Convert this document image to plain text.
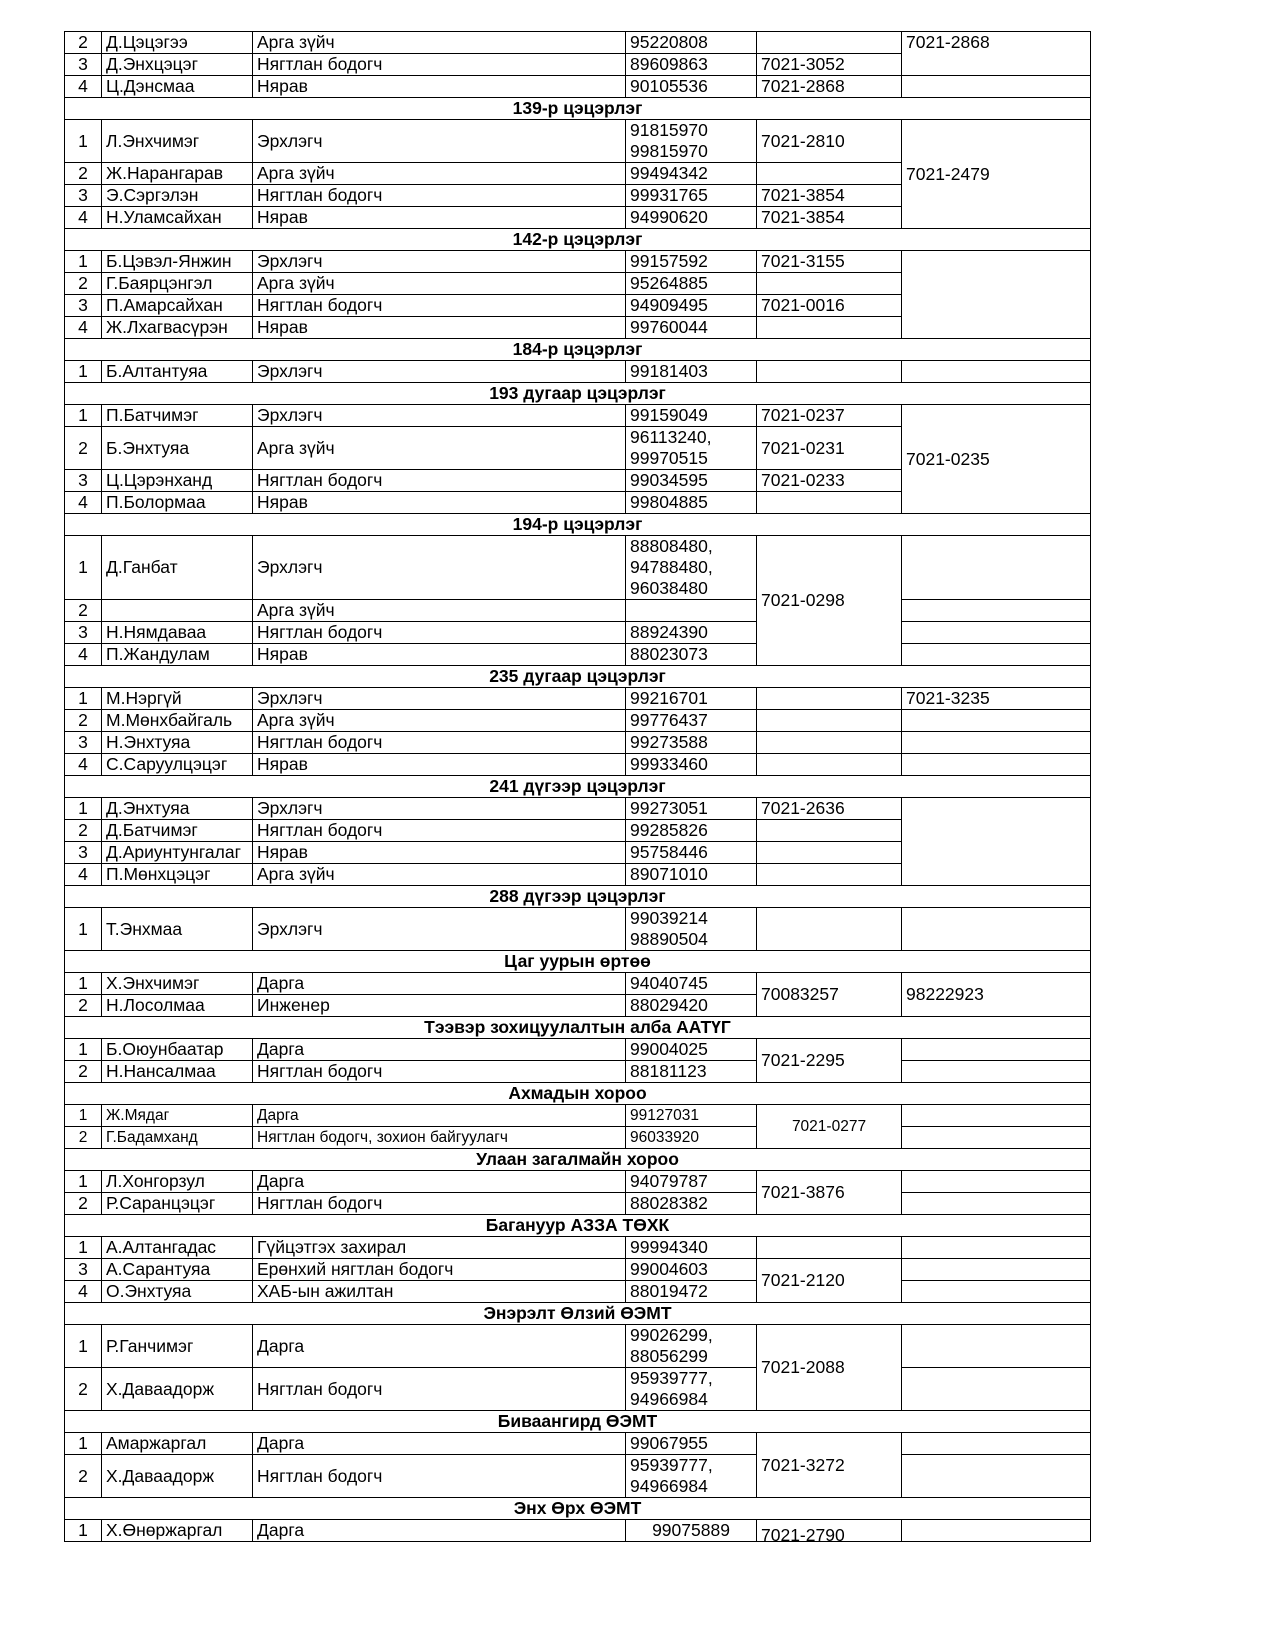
2	Д.Цэцэгээ	Арга зүйч	95220808		7021-2868
3	Д.Энхцэцэг	Нягтлан бодогч	89609863	7021-3052	
4	Ц.Дэнсмаа	Нярав	90105536	7021-2868	
139-р цэцэрлэг					
1	Л.Энхчимэг	Эрхлэгч	91815970 99815970	7021-2810	7021-2479
2	Ж.Нарангарав	Арга зүйч	99494342		
3	Э.Сэргэлэн	Нягтлан бодогч	99931765	7021-3854	
4	Н.Уламсайхан	Нярав	94990620	7021-3854	
142-р цэцэрлэг					
1	Б.Цэвэл-Янжин	Эрхлэгч	99157592	7021-3155	
2	Г.Баярцэнгэл	Арга зүйч	95264885		
3	П.Амарсайхан	Нягтлан бодогч	94909495	7021-0016	
4	Ж.Лхагвасүрэн	Нярав	99760044		
184-р цэцэрлэг					
1	Б.Алтантуяа	Эрхлэгч	99181403		
193 дугаар цэцэрлэг					
1	П.Батчимэг	Эрхлэгч	99159049	7021-0237	7021-0235
2	Б.Энхтуяа	Арга зүйч	96113240, 99970515	7021-0231	
3	Ц.Цэрэнханд	Нягтлан бодогч	99034595	7021-0233	
4	П.Болормаа	Нярав	99804885		
194-р цэцэрлэг					
1	Д.Ганбат	Эрхлэгч	88808480, 94788480, 96038480	7021-0298	
2		Арга зүйч			
3	Н.Нямдаваа	Нягтлан бодогч	88924390		
4	П.Жандулам	Нярав	88023073		
235 дугаар цэцэрлэг					
1	М.Нэргүй	Эрхлэгч	99216701		7021-3235
2	М.Мөнхбайгаль	Арга зүйч	99776437		
3	Н.Энхтуяа	Нягтлан бодогч	99273588		
4	С.Саруулцэцэг	Нярав	99933460		
241 дүгээр цэцэрлэг					
1	Д.Энхтуяа	Эрхлэгч	99273051	7021-2636	
2	Д.Батчимэг	Нягтлан бодогч	99285826		
3	Д.Ариунтунгалаг	Нярав	95758446		
4	П.Мөнхцэцэг	Арга зүйч	89071010		
288 дүгээр цэцэрлэг					
1	Т.Энхмаа	Эрхлэгч	99039214 98890504		
Цаг уурын өртөө					
1	Х.Энхчимэг	Дарга	94040745	70083257	98222923
2	Н.Лосолмаа	Инженер	88029420		
Тээвэр зохицуулалтын алба ААТҮГ					
1	Б.Оюунбаатар	Дарга	99004025	7021-2295	
2	Н.Нансалмаа	Нягтлан бодогч	88181123		
Ахмадын хороо					
1	Ж.Мядаг	Дарга	99127031	7021-0277	
2	Г.Бадамханд	Нягтлан бодогч, зохион байгуулагч	96033920		
Улаан загалмайн хороо					
1	Л.Хонгорзул	Дарга	94079787	7021-3876	
2	Р.Саранцэцэг	Нягтлан бодогч	88028382		
Багануур АЗЗА ТӨХК					
1	А.Алтангадас	Гүйцэтгэх захирал	99994340		
3	А.Сарантуяа	Ерөнхий нягтлан бодогч	99004603	7021-2120	
4	О.Энхтуяа	ХАБ-ын ажилтан	88019472		
Энэрэлт Өлзий ӨЭМТ					
1	Р.Ганчимэг	Дарга	99026299, 88056299	7021-2088	
2	Х.Даваадорж	Нягтлан бодогч	95939777, 94966984		
Биваангирд ӨЭМТ					
1	Амаржаргал	Дарга	99067955	7021-3272	
2	Х.Даваадорж	Нягтлан бодогч	95939777, 94966984		
Энх Өрх ӨЭМТ					
1	Х.Өнөржаргал	Дарга	99075889	7021-2790	
